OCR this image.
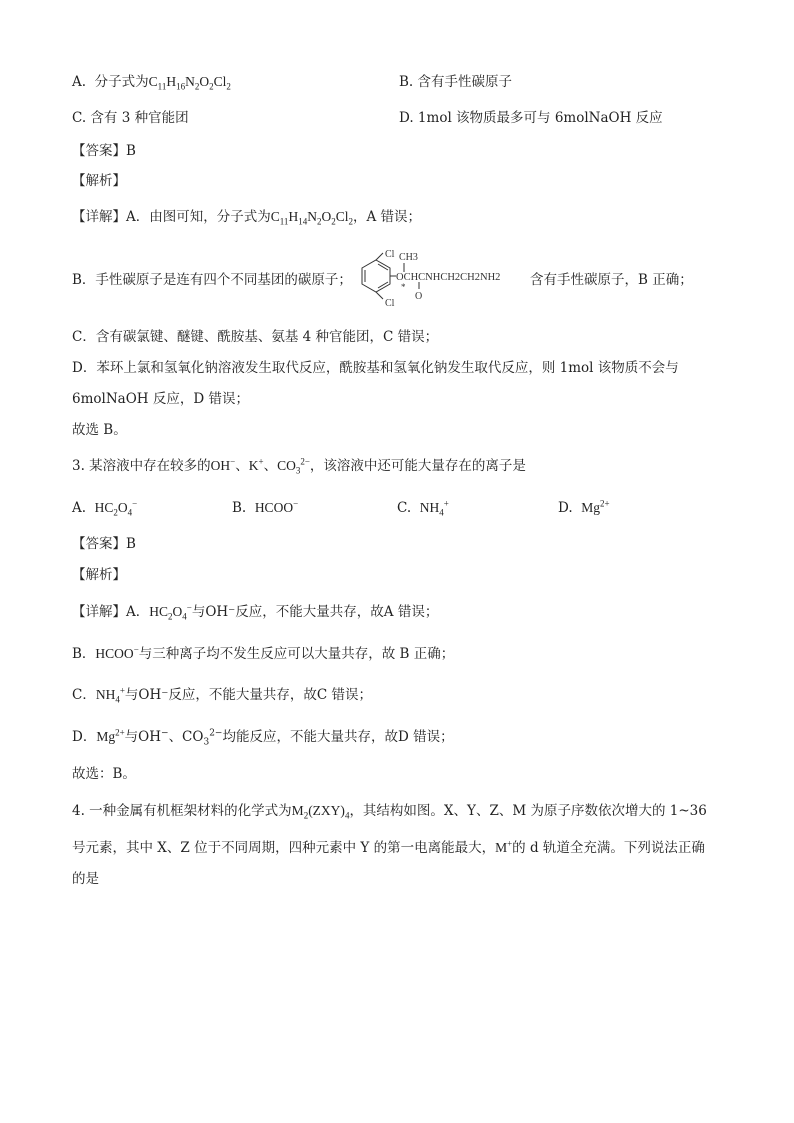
A. 分子式为$C_{11}H_{16}N_2O_2Cl_2$	B. 含有手性碳原子
C. 含有 3 种官能团	D. 1mol 该物质最多可与 6molNaOH 反应
【答案】B
【解析】
【详解】A．由图可知，分子式为$C_{11}H_{14}N_2O_2Cl_2$，A 错误；
B．手性碳原子是连有四个不同基团的碳原子；
Cl
Cl
CH3
OCHCNHCH2CH2NH2
*
O
含有手性碳原子，B 正确；
C．含有碳氯键、醚键、酰胺基、氨基 4 种官能团，C 错误；
D．苯环上氯和氢氧化钠溶液发生取代反应，酰胺基和氢氧化钠发生取代反应，则 1mol 该物质不会与
6molNaOH 反应，D 错误；
故选 B。
3. 某溶液中存在较多的OH−、K+、$CO_3^{2-}$，该溶液中还可能大量存在的离子是
A. $HC_2O_4^-$	B. HCOO−	C. $NH_4^+$	D. $Mg^{2+}$
【答案】B
【解析】
【详解】A．$HC_2O_4^-$与OH⁻反应，不能大量共存，故A 错误；
B．HCOO−与三种离子均不发生反应可以大量共存，故 B 正确；
C．$NH_4^+$与OH⁻反应，不能大量共存，故C 错误；
D．$Mg^{2+}$与OH−、$CO_3^{2-}$均能反应，不能大量共存，故D 错误；
故选：B。
4. 一种金属有机框架材料的化学式为$M_2(ZXY)_4$，其结构如图。X、Y、Z、M 为原子序数依次增大的 1~36
号元素，其中 X、Z 位于不同周期，四种元素中 Y 的第一电离能最大，M+的 d 轨道全充满。下列说法正确
的是
